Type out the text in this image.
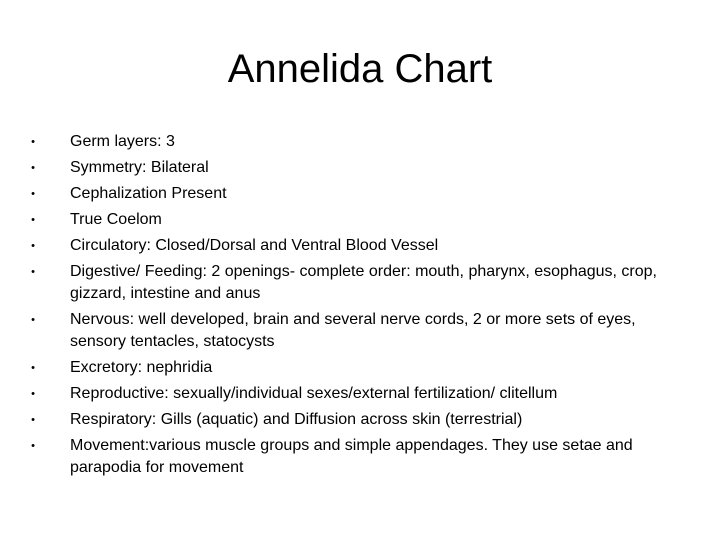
Annelida Chart
•	Germ layers: 3
•	Symmetry: Bilateral
•	Cephalization Present
•	True Coelom
•	Circulatory: Closed/Dorsal and Ventral Blood Vessel
•	Digestive/ Feeding: 2 openings- complete order: mouth, pharynx, esophagus, crop, gizzard, intestine and anus
•	Nervous: well developed, brain and several nerve cords, 2 or more sets of eyes, sensory tentacles, statocysts
•	Excretory: nephridia
•	Reproductive: sexually/individual sexes/external fertilization/ clitellum
•	Respiratory: Gills (aquatic) and Diffusion across skin (terrestrial)
•	Movement:various muscle groups and simple appendages. They use setae and parapodia for movement
